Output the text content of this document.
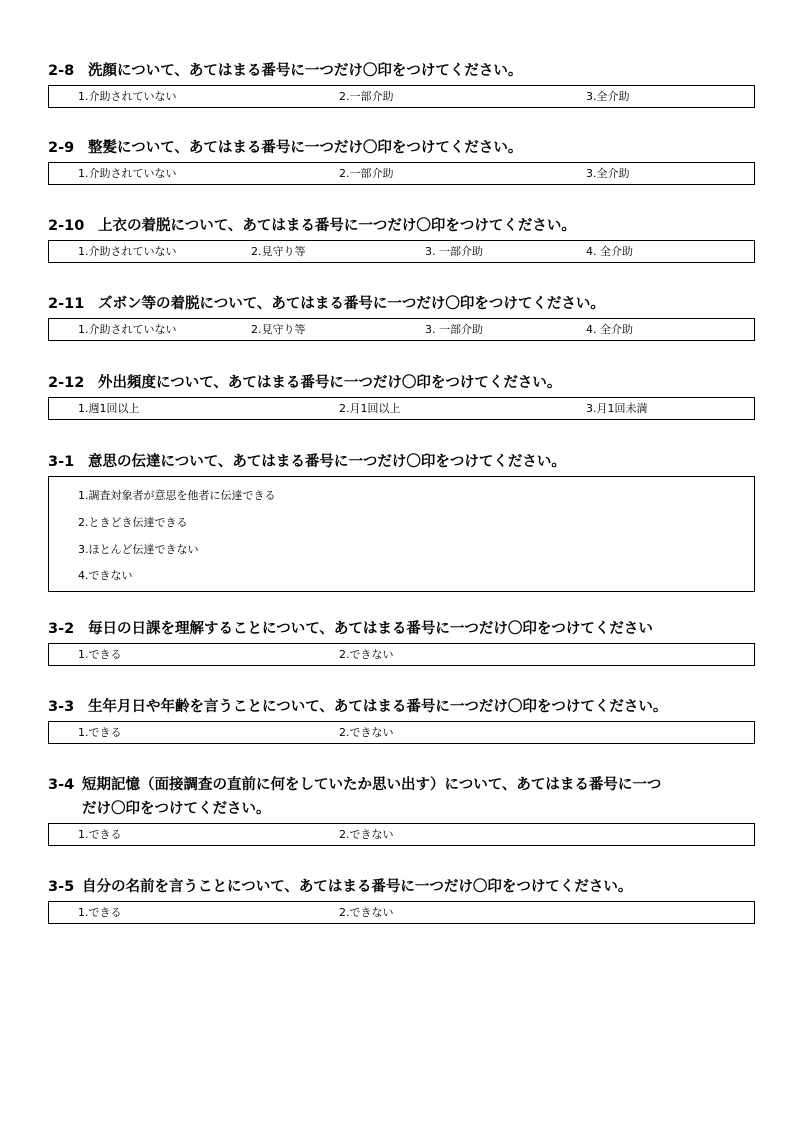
2-8 洗顔について、あてはまる番号に一つだけ〇印をつけてください。
1.介助されていない	2.一部介助	3.全介助
2-9 整髪について、あてはまる番号に一つだけ〇印をつけてください。
1.介助されていない	2.一部介助	3.全介助
2-10 上衣の着脱について、あてはまる番号に一つだけ〇印をつけてください。
1.介助されていない	2.見守り等	3. 一部介助	4. 全介助
2-11 ズボン等の着脱について、あてはまる番号に一つだけ〇印をつけてください。
1.介助されていない	2.見守り等	3. 一部介助	4. 全介助
2-12 外出頻度について、あてはまる番号に一つだけ〇印をつけてください。
1.週1回以上	2.月1回以上	3.月1回未満
3-1 意思の伝達について、あてはまる番号に一つだけ〇印をつけてください。
1.調査対象者が意思を他者に伝達できる
2.ときどき伝達できる
3.ほとんど伝達できない
4.できない
3-2 毎日の日課を理解することについて、あてはまる番号に一つだけ〇印をつけてください
1.できる	2.できない
3-3 生年月日や年齢を言うことについて、あてはまる番号に一つだけ〇印をつけてください。
1.できる	2.できない
3-4 短期記憶（面接調査の直前に何をしていたか思い出す）について、あてはまる番号に一つ
だけ〇印をつけてください。
1.できる	2.できない
3-5 自分の名前を言うことについて、あてはまる番号に一つだけ〇印をつけてください。
1.できる	2.できない
